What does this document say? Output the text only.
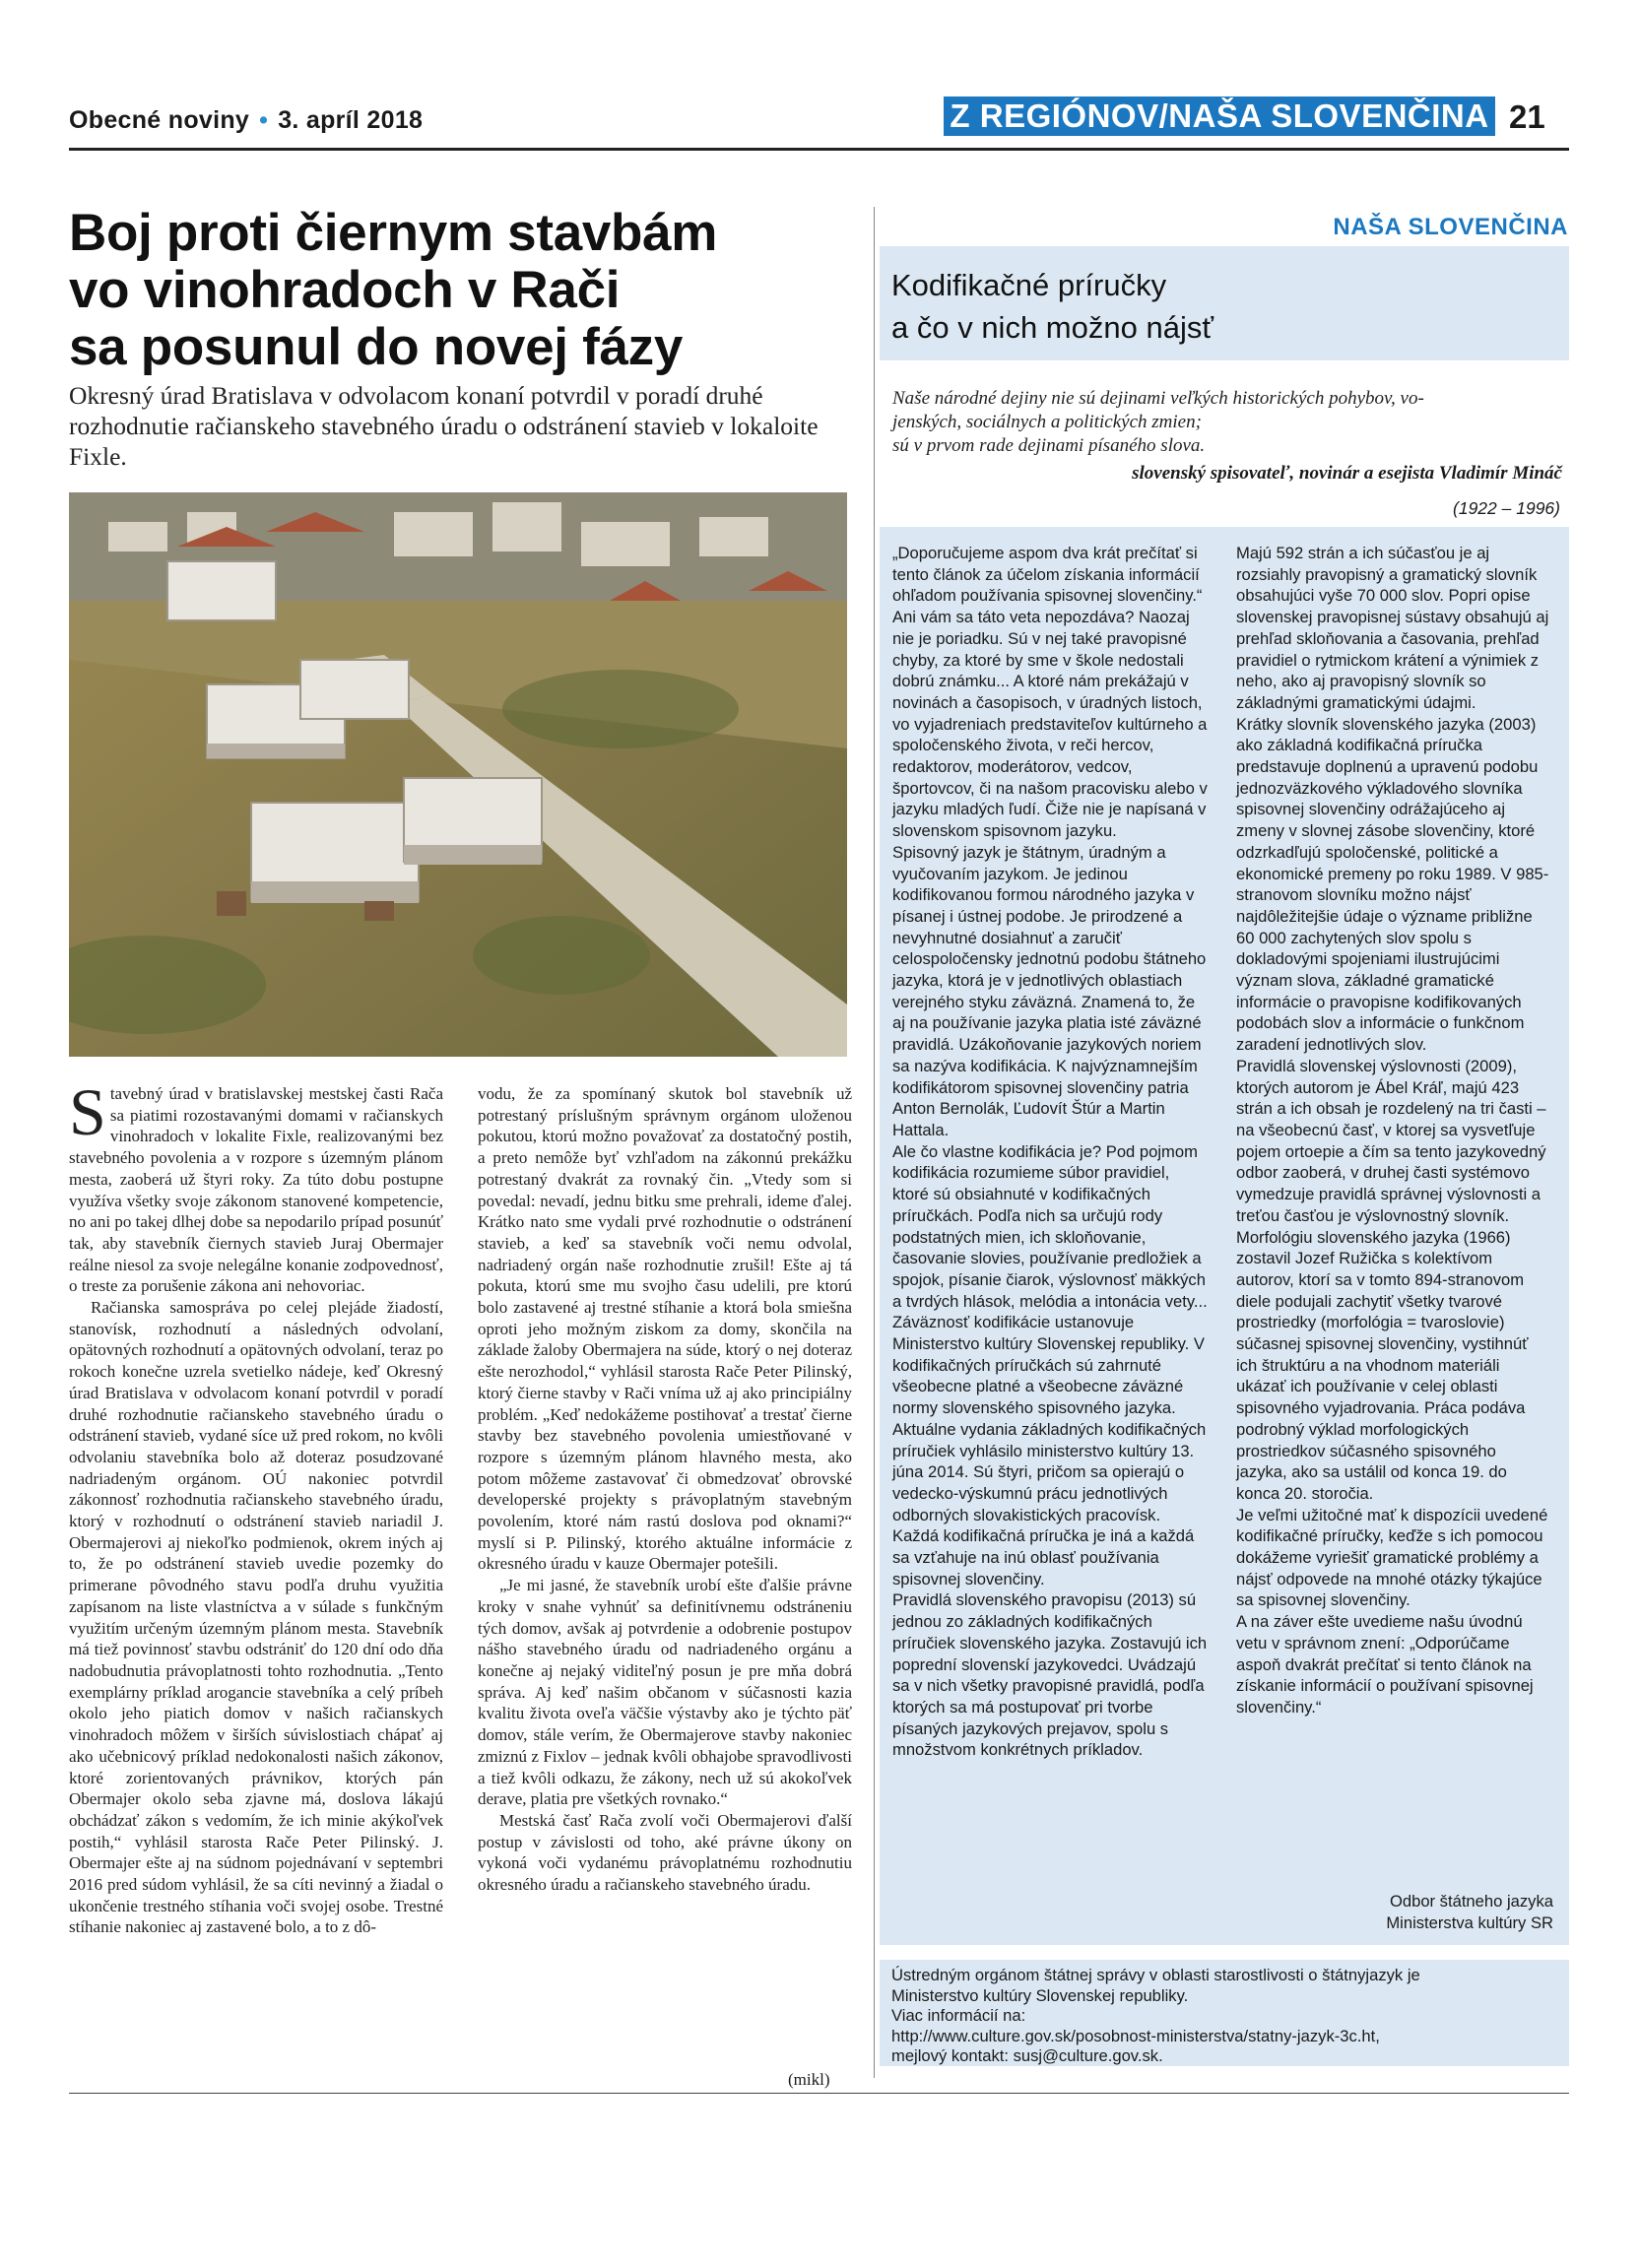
Obecné noviny • 3. apríl 2018	Z REGIÓNOV/NAŠA SLOVENČINA 21
Boj proti čiernym stavbám
vo vinohradoch v Rači
sa posunul do novej fázy
Okresný úrad Bratislava v odvolacom konaní potvrdil v poradí druhé rozhodnutie račianskeho stavebného úradu o odstránení stavieb v lokaloite Fixle.

Stavebný úrad v bratislavskej mestskej časti Rača sa piatimi rozostavanými domami v račianskych vinohradoch v lokalite Fixle, realizovanými bez stavebného povolenia a v rozpore s územným plánom mesta, zaoberá už štyri roky. Za túto dobu postupne využíva všetky svoje zákonom stanovené kompetencie, no ani po takej dlhej dobe sa nepodarilo prípad posunúť tak, aby stavebník čiernych stavieb Juraj Obermajer reálne niesol za svoje nelegálne konanie zodpovednosť, o treste za porušenie zákona ani nehovoriac.

Račianska samospráva po celej plejáde žiadostí, stanovísk, rozhodnutí a následných odvolaní, opätovných rozhodnutí a opätovných odvolaní, teraz po rokoch konečne uzrela svetielko nádeje, keď Okresný úrad Bratislava v odvolacom konaní potvrdil v poradí druhé rozhodnutie račianskeho stavebného úradu o odstránení stavieb, vydané síce už pred rokom, no kvôli odvolaniu stavebníka bolo až doteraz posudzované nadriadeným orgánom. OÚ nakoniec potvrdil zákonnosť rozhodnutia račianskeho stavebného úradu, ktorý v rozhodnutí o odstránení stavieb nariadil J. Obermajerovi aj niekoľko podmienok, okrem iných aj to, že po odstránení stavieb uvedie pozemky do primerane pôvodného stavu podľa druhu využitia zapísanom na liste vlastníctva a v súlade s funkčným využitím určeným územným plánom mesta. Stavebník má tiež povinnosť stavbu odstrániť do 120 dní odo dňa nadobudnutia právoplatnosti tohto rozhodnutia. „Tento exemplárny príklad arogancie stavebníka a celý príbeh okolo jeho piatich domov v našich račianskych vinohradoch môžem v širších súvislostiach chápať aj ako učebnicový príklad nedokonalosti našich zákonov, ktoré zorientovaných právnikov, ktorých pán Obermajer okolo seba zjavne má, doslova lákajú obchádzať zákon s vedomím, že ich minie akýkoľvek postih,“ vyhlásil starosta Rače Peter Pilinský. J. Obermajer ešte aj na súdnom pojednávaní v septembri 2016 pred súdom vyhlásil, že sa cíti nevinný a žiadal o ukončenie trestného stíhania voči svojej osobe. Trestné stíhanie nakoniec aj zastavené bolo, a to z dô-

vodu, že za spomínaný skutok bol stavebník už potrestaný príslušným správnym orgánom uloženou pokutou, ktorú možno považovať za dostatočný postih, a preto nemôže byť vzhľadom na zákonnú prekážku potrestaný dvakrát za rovnaký čin. „Vtedy som si povedal: nevadí, jednu bitku sme prehrali, ideme ďalej. Krátko nato sme vydali prvé rozhodnutie o odstránení stavieb, a keď sa stavebník voči nemu odvolal, nadriadený orgán naše rozhodnutie zrušil! Ešte aj tá pokuta, ktorú sme mu svojho času udelili, pre ktorú bolo zastavené aj trestné stíhanie a ktorá bola smiešna oproti jeho možným ziskom za domy, skončila na základe žaloby Obermajera na súde, ktorý o nej doteraz ešte nerozhodol,“ vyhlásil starosta Rače Peter Pilinský, ktorý čierne stavby v Rači vníma už aj ako principiálny problém. „Keď nedokážeme postihovať a trestať čierne stavby bez stavebného povolenia umiestňované v rozpore s územným plánom hlavného mesta, ako potom môžeme zastavovať či obmedzovať obrovské developerské projekty s právoplatným stavebným povolením, ktoré nám rastú doslova pod oknami?“ myslí si P. Pilinský, ktorého aktuálne informácie z okresného úradu v kauze Obermajer potešili.

„Je mi jasné, že stavebník urobí ešte ďalšie právne kroky v snahe vyhnúť sa definitívnemu odstráneniu tých domov, avšak aj potvrdenie a odobrenie postupov nášho stavebného úradu od nadriadeného orgánu a konečne aj nejaký viditeľný posun je pre mňa dobrá správa. Aj keď našim občanom v súčasnosti kazia kvalitu života oveľa väčšie výstavby ako je týchto päť domov, stále verím, že Obermajerove stavby nakoniec zmiznú z Fixlov – jednak kvôli obhajobe spravodlivosti a tiež kvôli odkazu, že zákony, nech už sú akokoľvek derave, platia pre všetkých rovnako.“

Mestská časť Rača zvolí voči Obermajerovi ďalší postup v závislosti od toho, aké právne úkony on vykoná voči vydanému právoplatnému rozhodnutiu okresného úradu a račianskeho stavebného úradu.

(mikl)
NAŠA SLOVENČINA
Kodifikačné príručky
a čo v nich možno nájsť
Naše národné dejiny nie sú dejinami veľkých historických pohybov, vo-
jenských, sociálnych a politických zmien;
sú v prvom rade dejinami písaného slova.
slovenský spisovateľ, novinár a esejista Vladimír Mináč
(1922 – 1996)

„Doporučujeme aspom dva krát prečítať si tento článok za účelom získania informácií ohľadom používania spisovnej slovenčiny.“ Ani vám sa táto veta nepozdáva? Naozaj nie je poriadku. Sú v nej také pravopisné chyby, za ktoré by sme v škole nedostali dobrú známku... A ktoré nám prekážajú v novinách a časopisoch, v úradných listoch, vo vyjadreniach predstaviteľov kultúrneho a spoločenského života, v reči hercov, redaktorov, moderátorov, vedcov, športovcov, či na našom pracovisku alebo v jazyku mladých ľudí. Čiže nie je napísaná v slovenskom spisovnom jazyku.

Spisovný jazyk je štátnym, úradným a vyučovaním jazykom. Je jedinou kodifikovanou formou národného jazyka v písanej i ústnej podobe. Je prirodzené a nevyhnutné dosiahnuť a zaručiť celospoločensky jednotnú podobu štátneho jazyka, ktorá je v jednotlivých oblastiach verejného styku záväzná. Znamená to, že aj na používanie jazyka platia isté záväzné pravidlá. Uzákoňovanie jazykových noriem sa nazýva kodifikácia. K najvýznamnejším kodifikátorom spisovnej slovenčiny patria Anton Bernolák, Ľudovít Štúr a Martin Hattala.

Ale čo vlastne kodifikácia je? Pod pojmom kodifikácia rozumieme súbor pravidiel, ktoré sú obsiahnuté v kodifikačných príručkách. Podľa nich sa určujú rody podstatných mien, ich skloňovanie, časovanie slovies, používanie predložiek a spojok, písanie čiarok, výslovnosť mäkkých a tvrdých hlások, melódia a intonácia vety... Záväznosť kodifikácie ustanovuje Ministerstvo kultúry Slovenskej republiky. V kodifikačných príručkách sú zahrnuté všeobecne platné a všeobecne záväzné normy slovenského spisovného jazyka.

Aktuálne vydania základných kodifikačných príručiek vyhlásilo ministerstvo kultúry 13. júna 2014. Sú štyri, pričom sa opierajú o vedecko-výskumnú prácu jednotlivých odborných slovakistických pracovísk. Každá kodifikačná príručka je iná a každá sa vzťahuje na inú oblasť používania spisovnej slovenčiny.

Pravidlá slovenského pravopisu (2013) sú jednou zo základných kodifikačných príručiek slovenského jazyka. Zostavujú ich poprední slovenskí jazykovedci. Uvádzajú sa v nich všetky pravopisné pravidlá, podľa ktorých sa má postupovať pri tvorbe písaných jazykových prejavov, spolu s množstvom konkrétnych príkladov.

Majú 592 strán a ich súčasťou je aj rozsiahly pravopisný a gramatický slovník obsahujúci vyše 70 000 slov. Popri opise slovenskej pravopisnej sústavy obsahujú aj prehľad skloňovania a časovania, prehľad pravidiel o rytmickom krátení a výnimiek z neho, ako aj pravopisný slovník so základnými gramatickými údajmi.

Krátky slovník slovenského jazyka (2003) ako základná kodifikačná príručka predstavuje doplnenú a upravenú podobu jednozväzkového výkladového slovníka spisovnej slovenčiny odrážajúceho aj zmeny v slovnej zásobe slovenčiny, ktoré odzrkadľujú spoločenské, politické a ekonomické premeny po roku 1989. V 985-stranovom slovníku možno nájsť najdôležitejšie údaje o význame približne 60 000 zachytených slov spolu s dokladovými spojeniami ilustrujúcimi význam slova, základné gramatické informácie o pravopisne kodifikovaných podobách slov a informácie o funkčnom zaradení jednotlivých slov.

Pravidlá slovenskej výslovnosti (2009), ktorých autorom je Ábel Kráľ, majú 423 strán a ich obsah je rozdelený na tri časti – na všeobecnú časť, v ktorej sa vysvetľuje pojem ortoepie a čím sa tento jazykovedný odbor zaoberá, v druhej časti systémovo vymedzuje pravidlá správnej výslovnosti a treťou časťou je výslovnostný slovník.

Morfológiu slovenského jazyka (1966) zostavil Jozef Ružička s kolektívom autorov, ktorí sa v tomto 894-stranovom diele podujali zachytiť všetky tvarové prostriedky (morfológia = tvaroslovie) súčasnej spisovnej slovenčiny, vystihnúť ich štruktúru a na vhodnom materiáli ukázať ich používanie v celej oblasti spisovného vyjadrovania. Práca podáva podrobný výklad morfologických prostriedkov súčasného spisovného jazyka, ako sa ustálil od konca 19. do konca 20. storočia.

Je veľmi užitočné mať k dispozícii uvedené kodifikačné príručky, keďže s ich pomocou dokážeme vyriešiť gramatické problémy a nájsť odpovede na mnohé otázky týkajúce sa spisovnej slovenčiny.

A na záver ešte uvedieme našu úvodnú vetu v správnom znení: „Odporúčame aspoň dvakrát prečítať si tento článok na získanie informácií o používaní spisovnej slovenčiny.“

Odbor štátneho jazyka
Ministerstva kultúry SR
Ústredným orgánom štátnej správy v oblasti starostlivosti o štátnyjazyk je
Ministerstvo kultúry Slovenskej republiky.
Viac informácií na:
http://www.culture.gov.sk/posobnost-ministerstva/statny-jazyk-3c.ht,
mejlový kontakt: susj@culture.gov.sk.
